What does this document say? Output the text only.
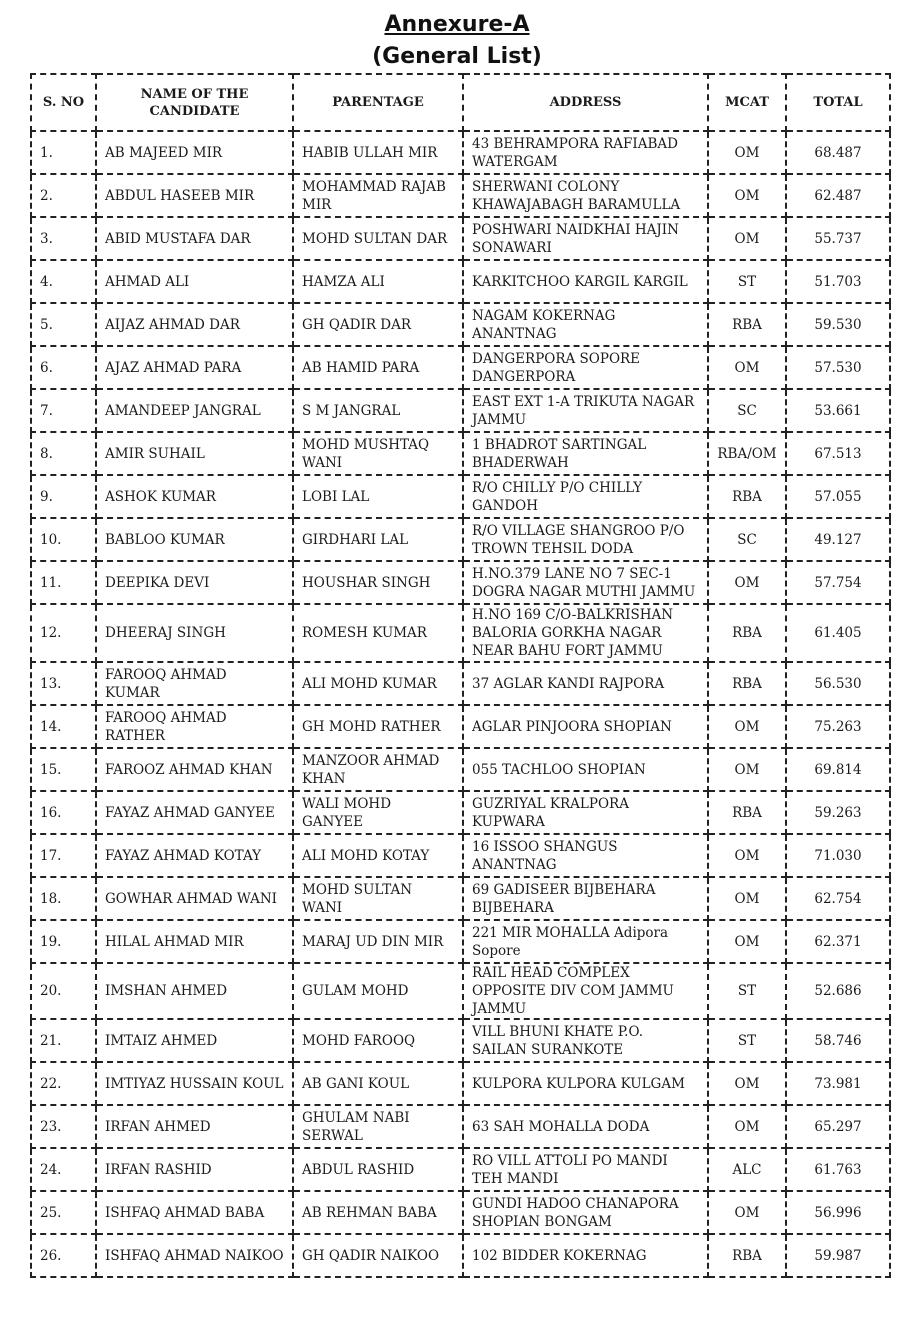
Annexure-A
(General List)
S. NO	NAME OF THE CANDIDATE	PARENTAGE	ADDRESS	MCAT	TOTAL
1.	AB MAJEED MIR	HABIB ULLAH MIR	43 BEHRAMPORA RAFIABAD WATERGAM	OM	68.487
2.	ABDUL HASEEB MIR	MOHAMMAD RAJAB MIR	SHERWANI COLONY KHAWAJABAGH BARAMULLA	OM	62.487
3.	ABID MUSTAFA DAR	MOHD SULTAN DAR	POSHWARI NAIDKHAI HAJIN SONAWARI	OM	55.737
4.	AHMAD ALI	HAMZA ALI	KARKITCHOO KARGIL KARGIL	ST	51.703
5.	AIJAZ AHMAD DAR	GH QADIR DAR	NAGAM KOKERNAG ANANTNAG	RBA	59.530
6.	AJAZ AHMAD PARA	AB HAMID PARA	DANGERPORA SOPORE DANGERPORA	OM	57.530
7.	AMANDEEP JANGRAL	S M JANGRAL	EAST EXT 1-A TRIKUTA NAGAR JAMMU	SC	53.661
8.	AMIR SUHAIL	MOHD MUSHTAQ WANI	1 BHADROT SARTINGAL BHADERWAH	RBA/OM	67.513
9.	ASHOK KUMAR	LOBI LAL	R/O CHILLY P/O CHILLY GANDOH	RBA	57.055
10.	BABLOO KUMAR	GIRDHARI LAL	R/O VILLAGE SHANGROO P/O TROWN TEHSIL DODA	SC	49.127
11.	DEEPIKA DEVI	HOUSHAR SINGH	H.NO.379 LANE NO 7 SEC-1 DOGRA NAGAR MUTHI JAMMU	OM	57.754
12.	DHEERAJ SINGH	ROMESH KUMAR	H.NO 169 C/O-BALKRISHAN BALORIA GORKHA NAGAR NEAR BAHU FORT JAMMU	RBA	61.405
13.	FAROOQ AHMAD KUMAR	ALI MOHD KUMAR	37 AGLAR KANDI RAJPORA	RBA	56.530
14.	FAROOQ AHMAD RATHER	GH MOHD RATHER	AGLAR PINJOORA SHOPIAN	OM	75.263
15.	FAROOZ AHMAD KHAN	MANZOOR AHMAD KHAN	055 TACHLOO SHOPIAN	OM	69.814
16.	FAYAZ AHMAD GANYEE	WALI MOHD GANYEE	GUZRIYAL KRALPORA KUPWARA	RBA	59.263
17.	FAYAZ AHMAD KOTAY	ALI MOHD KOTAY	16 ISSOO SHANGUS ANANTNAG	OM	71.030
18.	GOWHAR AHMAD WANI	MOHD SULTAN WANI	69 GADISEER BIJBEHARA BIJBEHARA	OM	62.754
19.	HILAL AHMAD MIR	MARAJ UD DIN MIR	221 MIR MOHALLA Adipora Sopore	OM	62.371
20.	IMSHAN AHMED	GULAM MOHD	RAIL HEAD COMPLEX OPPOSITE DIV COM JAMMU JAMMU	ST	52.686
21.	IMTAIZ AHMED	MOHD FAROOQ	VILL BHUNI KHATE P.O. SAILAN SURANKOTE	ST	58.746
22.	IMTIYAZ HUSSAIN KOUL	AB GANI KOUL	KULPORA KULPORA KULGAM	OM	73.981
23.	IRFAN AHMED	GHULAM NABI SERWAL	63 SAH MOHALLA DODA	OM	65.297
24.	IRFAN RASHID	ABDUL RASHID	RO VILL ATTOLI PO MANDI TEH MANDI	ALC	61.763
25.	ISHFAQ AHMAD BABA	AB REHMAN BABA	GUNDI HADOO CHANAPORA SHOPIAN BONGAM	OM	56.996
26.	ISHFAQ AHMAD NAIKOO	GH QADIR NAIKOO	102 BIDDER KOKERNAG	RBA	59.987
